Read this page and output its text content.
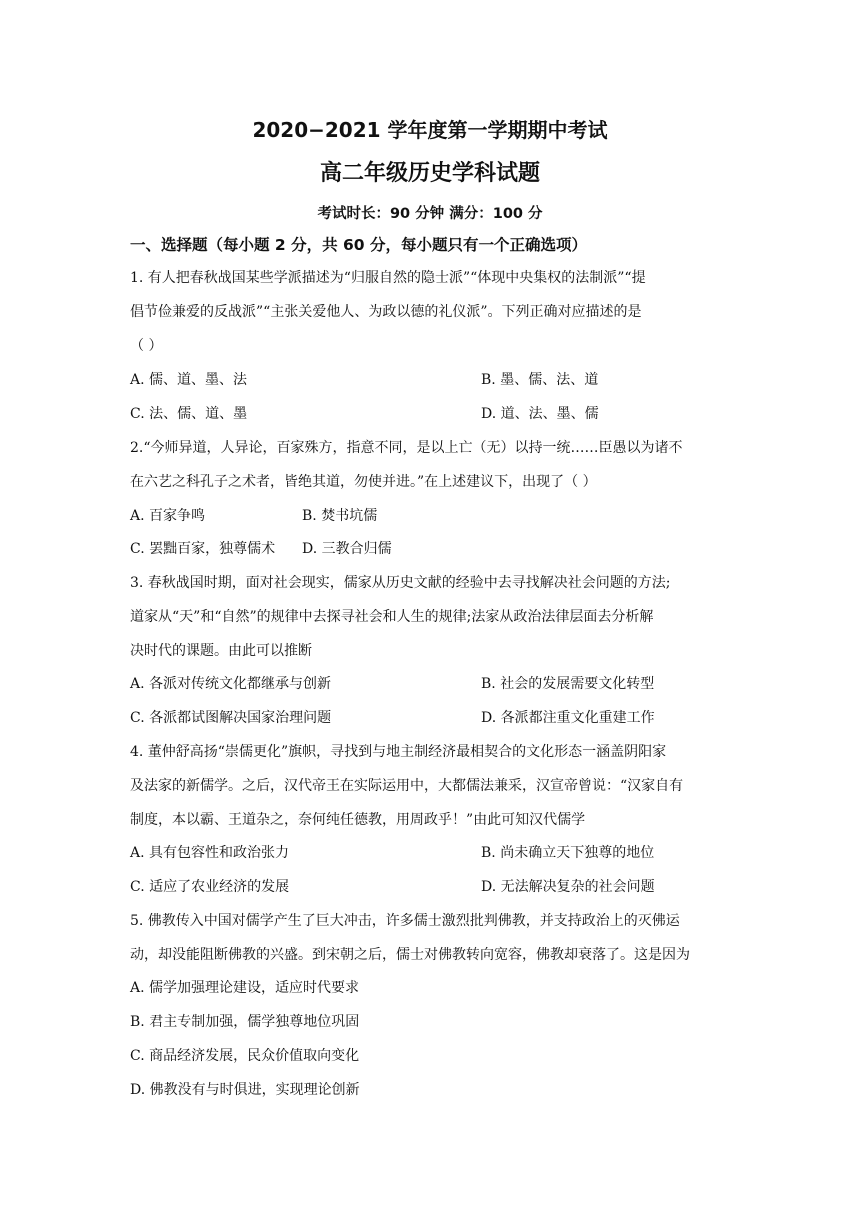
2020−2021 学年度第一学期期中考试
高二年级历史学科试题
考试时长：90 分钟 满分：100 分
一、选择题（每小题 2 分，共 60 分，每小题只有一个正确选项）
1. 有人把春秋战国某些学派描述为“归服自然的隐士派”“体现中央集权的法制派”“提
倡节俭兼爱的反战派”“主张关爱他人、为政以德的礼仪派”。下列正确对应描述的是
（ ）
A. 儒、道、墨、法	B. 墨、儒、法、道
C. 法、儒、道、墨	D. 道、法、墨、儒
2.“今师异道，人异论，百家殊方，指意不同，是以上亡（无）以持一统……臣愚以为诸不
在六艺之科孔子之术者，皆绝其道，勿使并进。”在上述建议下，出现了（ ）
A. 百家争鸣	B. 焚书坑儒
C. 罢黜百家，独尊儒术 D. 三教合归儒
3. 春秋战国时期，面对社会现实，儒家从历史文献的经验中去寻找解决社会问题的方法;
道家从“天”和“自然”的规律中去探寻社会和人生的规律;法家从政治法律层面去分析解
决时代的课题。由此可以推断
A. 各派对传统文化都继承与创新	B. 社会的发展需要文化转型
C. 各派都试图解决国家治理问题	D. 各派都注重文化重建工作
4. 董仲舒高扬“崇儒更化”旗帜，寻找到与地主制经济最相契合的文化形态一涵盖阴阳家
及法家的新儒学。之后，汉代帝王在实际运用中，大都儒法兼采，汉宣帝曾说：“汉家自有
制度，本以霸、王道杂之，奈何纯任德教，用周政乎！”由此可知汉代儒学
A. 具有包容性和政治张力	B. 尚未确立天下独尊的地位
C. 适应了农业经济的发展	D. 无法解决复杂的社会问题
5. 佛教传入中国对儒学产生了巨大冲击，许多儒士激烈批判佛教，并支持政治上的灭佛运
动，却没能阻断佛教的兴盛。到宋朝之后，儒士对佛教转向宽容，佛教却衰落了。这是因为
A. 儒学加强理论建设，适应时代要求
B. 君主专制加强，儒学独尊地位巩固
C. 商品经济发展，民众价值取向变化
D. 佛教没有与时俱进，实现理论创新
